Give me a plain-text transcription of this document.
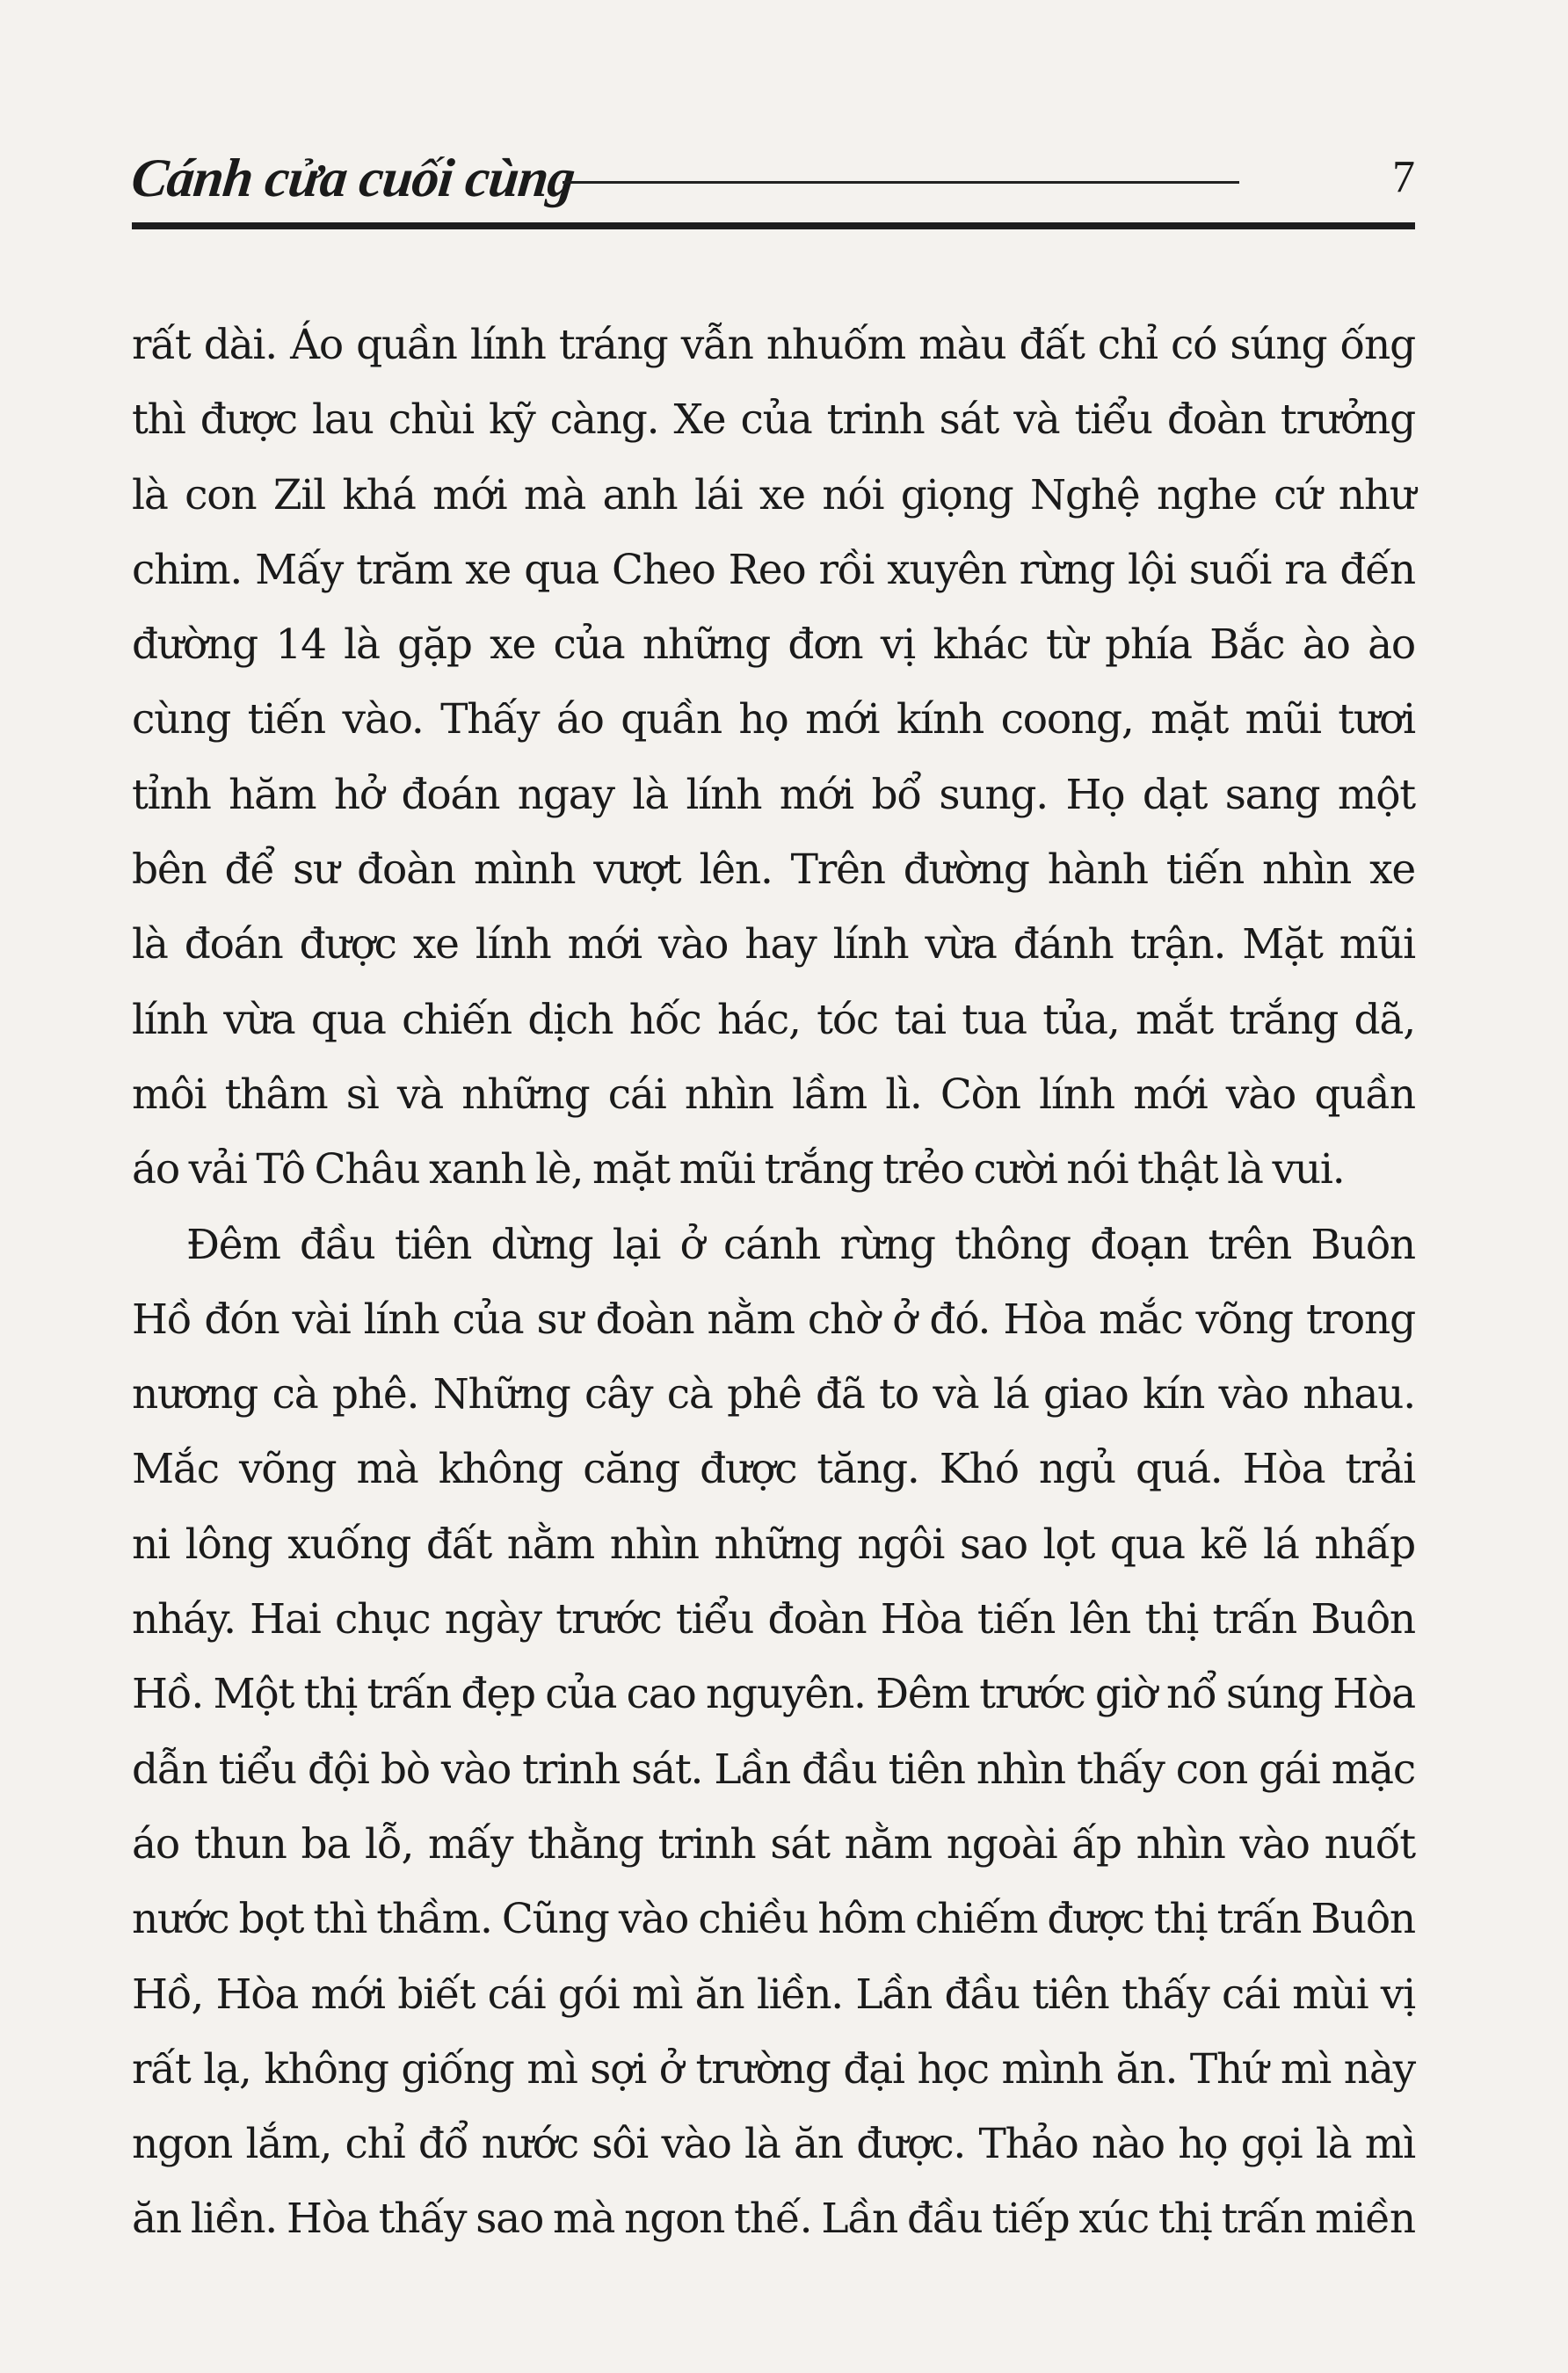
Cánh cửa cuối cùng	7
rất dài. Áo quần lính tráng vẫn nhuốm màu đất chỉ có súng ống
thì được lau chùi kỹ càng. Xe của trinh sát và tiểu đoàn trưởng
là con Zil khá mới mà anh lái xe nói giọng Nghệ nghe cứ như
chim. Mấy trăm xe qua Cheo Reo rồi xuyên rừng lội suối ra đến
đường 14 là gặp xe của những đơn vị khác từ phía Bắc ào ào
cùng tiến vào. Thấy áo quần họ mới kính coong, mặt mũi tươi
tỉnh hăm hở đoán ngay là lính mới bổ sung. Họ dạt sang một
bên để sư đoàn mình vượt lên. Trên đường hành tiến nhìn xe
là đoán được xe lính mới vào hay lính vừa đánh trận. Mặt mũi
lính vừa qua chiến dịch hốc hác, tóc tai tua tủa, mắt trắng dã,
môi thâm sì và những cái nhìn lầm lì. Còn lính mới vào quần
áo vải Tô Châu xanh lè, mặt mũi trắng trẻo cười nói thật là vui.
Đêm đầu tiên dừng lại ở cánh rừng thông đoạn trên Buôn
Hồ đón vài lính của sư đoàn nằm chờ ở đó. Hòa mắc võng trong
nương cà phê. Những cây cà phê đã to và lá giao kín vào nhau.
Mắc võng mà không căng được tăng. Khó ngủ quá. Hòa trải
ni lông xuống đất nằm nhìn những ngôi sao lọt qua kẽ lá nhấp
nháy. Hai chục ngày trước tiểu đoàn Hòa tiến lên thị trấn Buôn
Hồ. Một thị trấn đẹp của cao nguyên. Đêm trước giờ nổ súng Hòa
dẫn tiểu đội bò vào trinh sát. Lần đầu tiên nhìn thấy con gái mặc
áo thun ba lỗ, mấy thằng trinh sát nằm ngoài ấp nhìn vào nuốt
nước bọt thì thầm. Cũng vào chiều hôm chiếm được thị trấn Buôn
Hồ, Hòa mới biết cái gói mì ăn liền. Lần đầu tiên thấy cái mùi vị
rất lạ, không giống mì sợi ở trường đại học mình ăn. Thứ mì này
ngon lắm, chỉ đổ nước sôi vào là ăn được. Thảo nào họ gọi là mì
ăn liền. Hòa thấy sao mà ngon thế. Lần đầu tiếp xúc thị trấn miền
